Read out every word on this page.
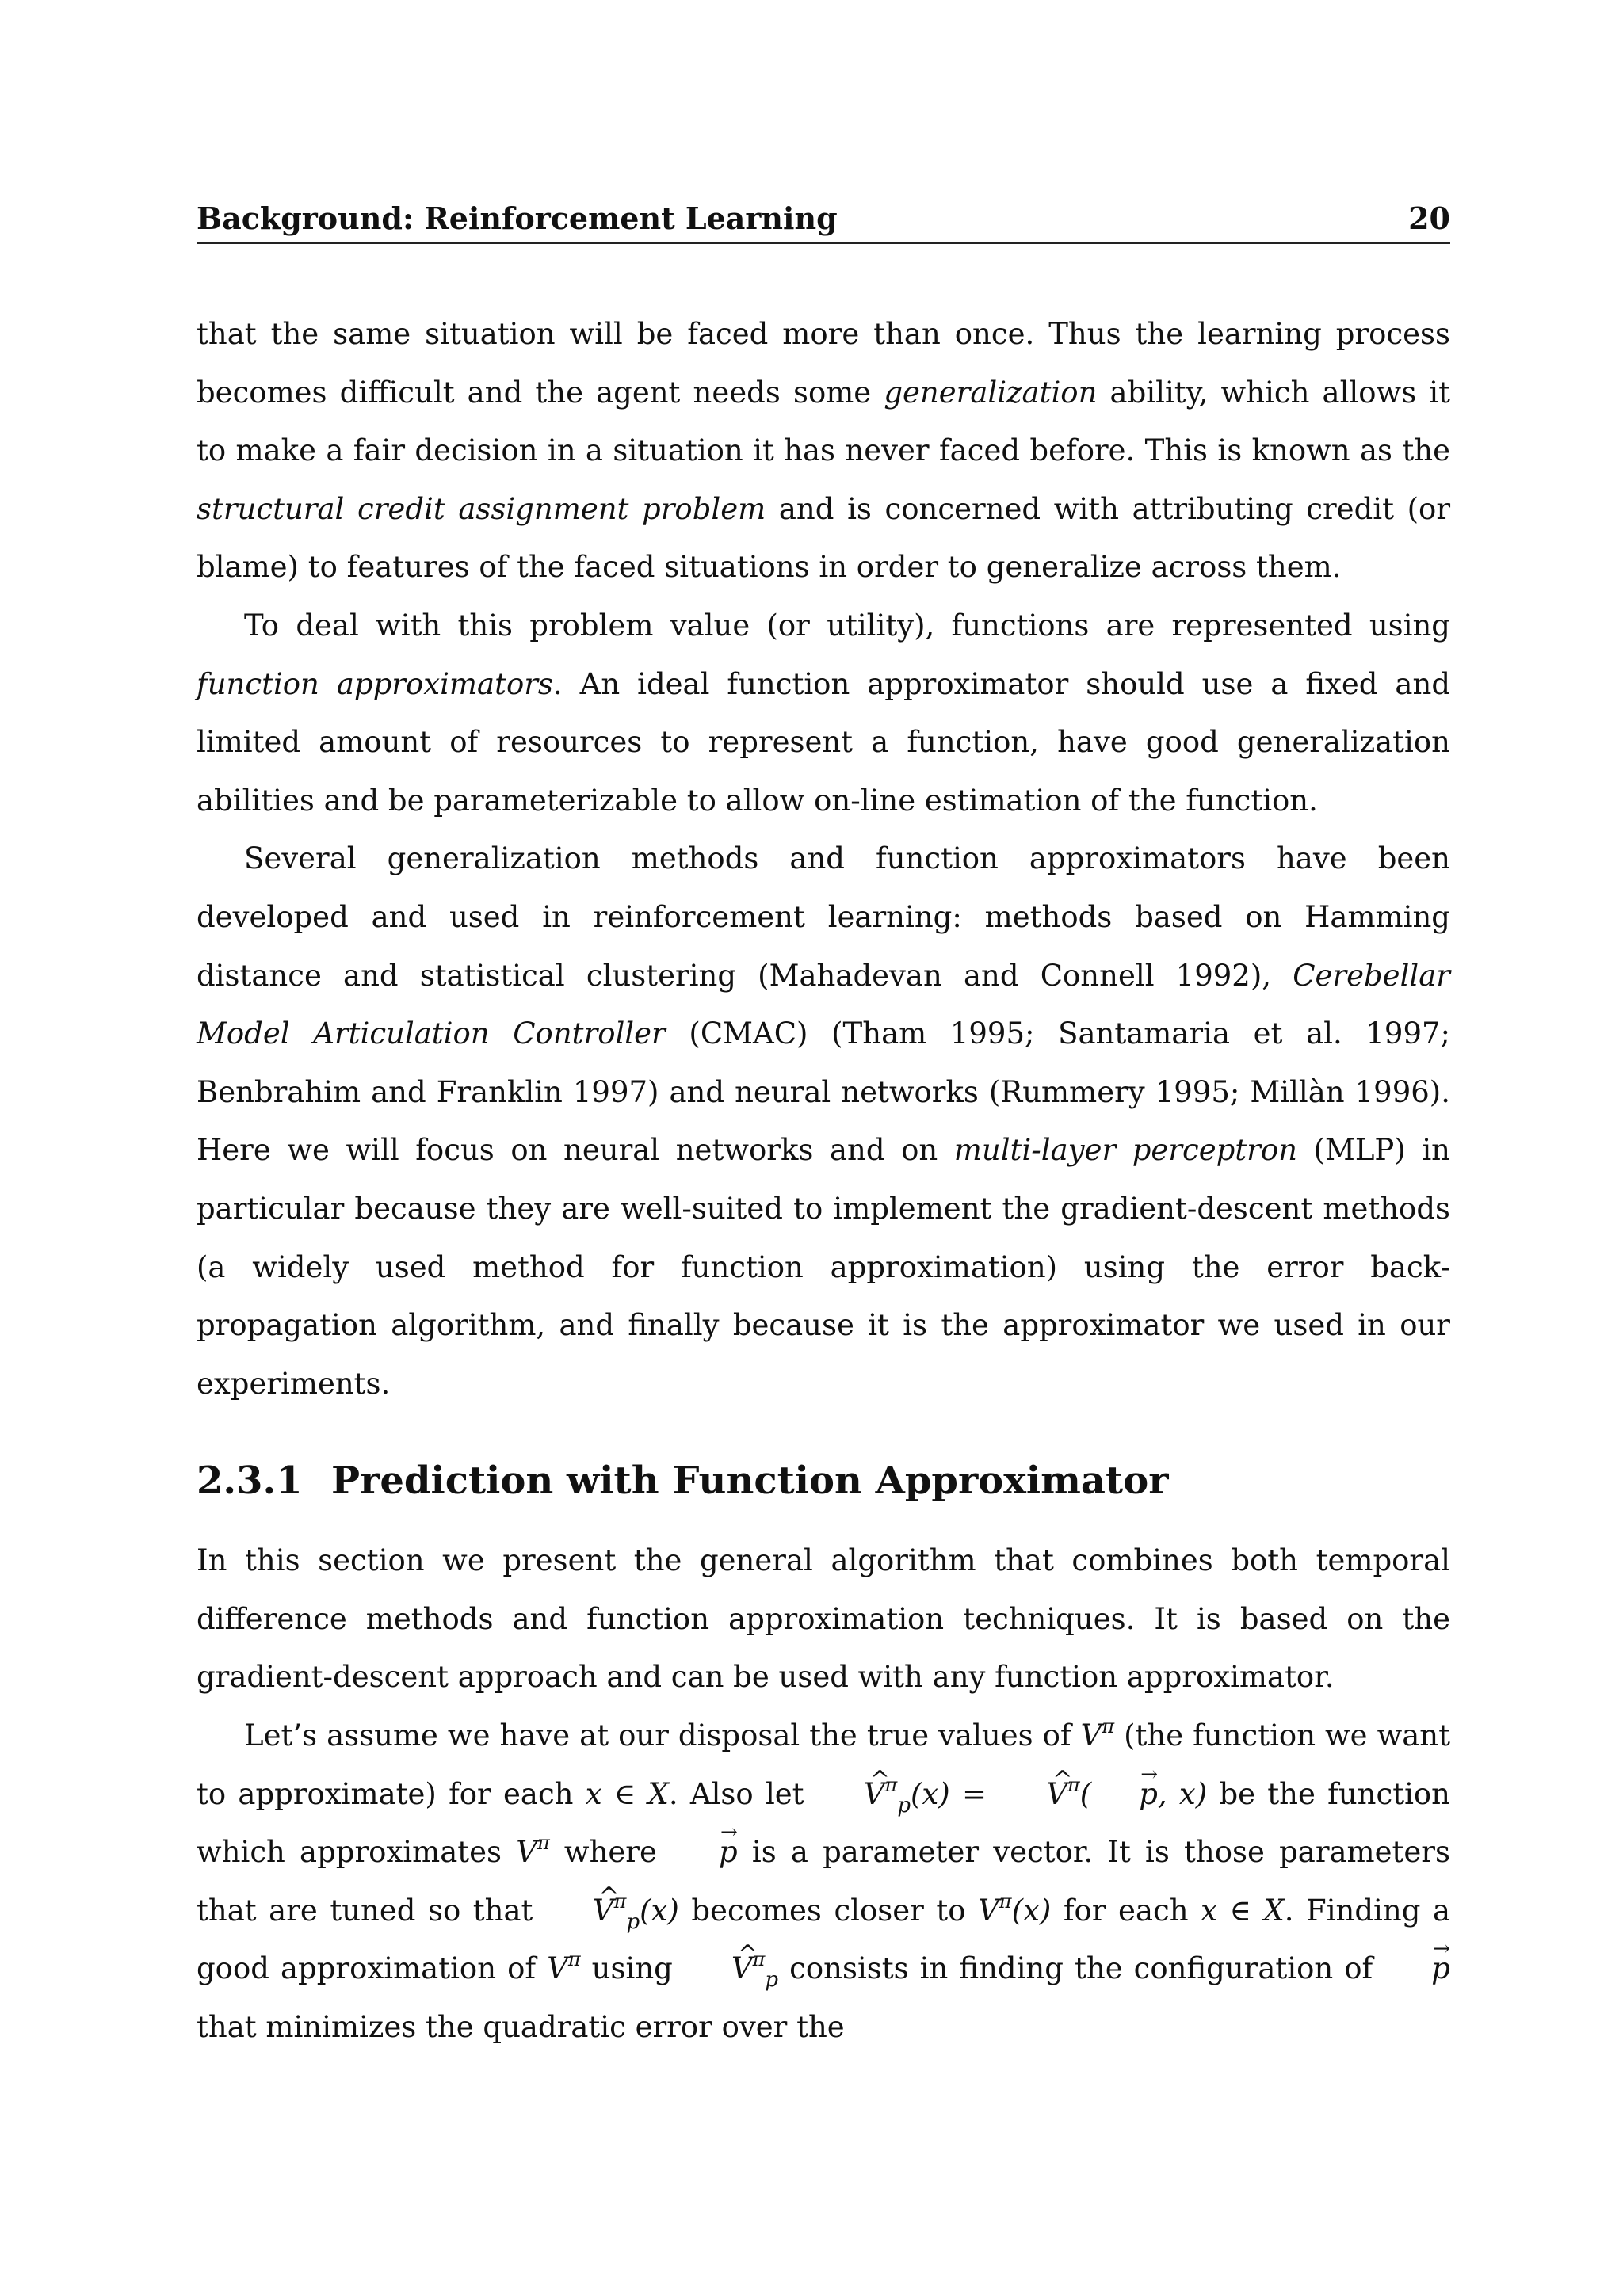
Background: Reinforcement Learning	20

that the same situation will be faced more than once. Thus the learning process becomes difficult and the agent needs some generalization ability, which allows it to make a fair decision in a situation it has never faced before. This is known as the structural credit assignment problem and is concerned with attributing credit (or blame) to features of the faced situations in order to generalize across them.

To deal with this problem value (or utility), functions are represented using function approximators. An ideal function approximator should use a fixed and limited amount of resources to represent a function, have good generalization abilities and be parameterizable to allow on-line estimation of the function.

Several generalization methods and function approximators have been developed and used in reinforcement learning: methods based on Hamming distance and statistical clustering (Mahadevan and Connell 1992), Cerebellar Model Articulation Controller (CMAC) (Tham 1995; Santamaria et al. 1997; Benbrahim and Franklin 1997) and neural networks (Rummery 1995; Millàn 1996). Here we will focus on neural networks and on multi-layer perceptron (MLP) in particular because they are well-suited to implement the gradient-descent methods (a widely used method for function approximation) using the error back-propagation algorithm, and finally because it is the approximator we used in our experiments.

2.3.1 Prediction with Function Approximator

In this section we present the general algorithm that combines both temporal difference methods and function approximation techniques. It is based on the gradient-descent approach and can be used with any function approximator.

Let’s assume we have at our disposal the true values of $V^\pi$ (the function we want to approximate) for each x ∈ X. Also let ^ $V^\pi_p(x)$ = ^ $V^\pi(\to p$, x) be the function which approximates $V^\pi$ where → p is a parameter vector. It is those parameters that are tuned so that ^ $V^\pi_p(x)$ becomes closer to $V^\pi(x)$ for each x ∈ X. Finding a good approximation of $V^\pi$ using ^ $V^\pi_p$ consists in finding the configuration of → p that minimizes the quadratic error over the
